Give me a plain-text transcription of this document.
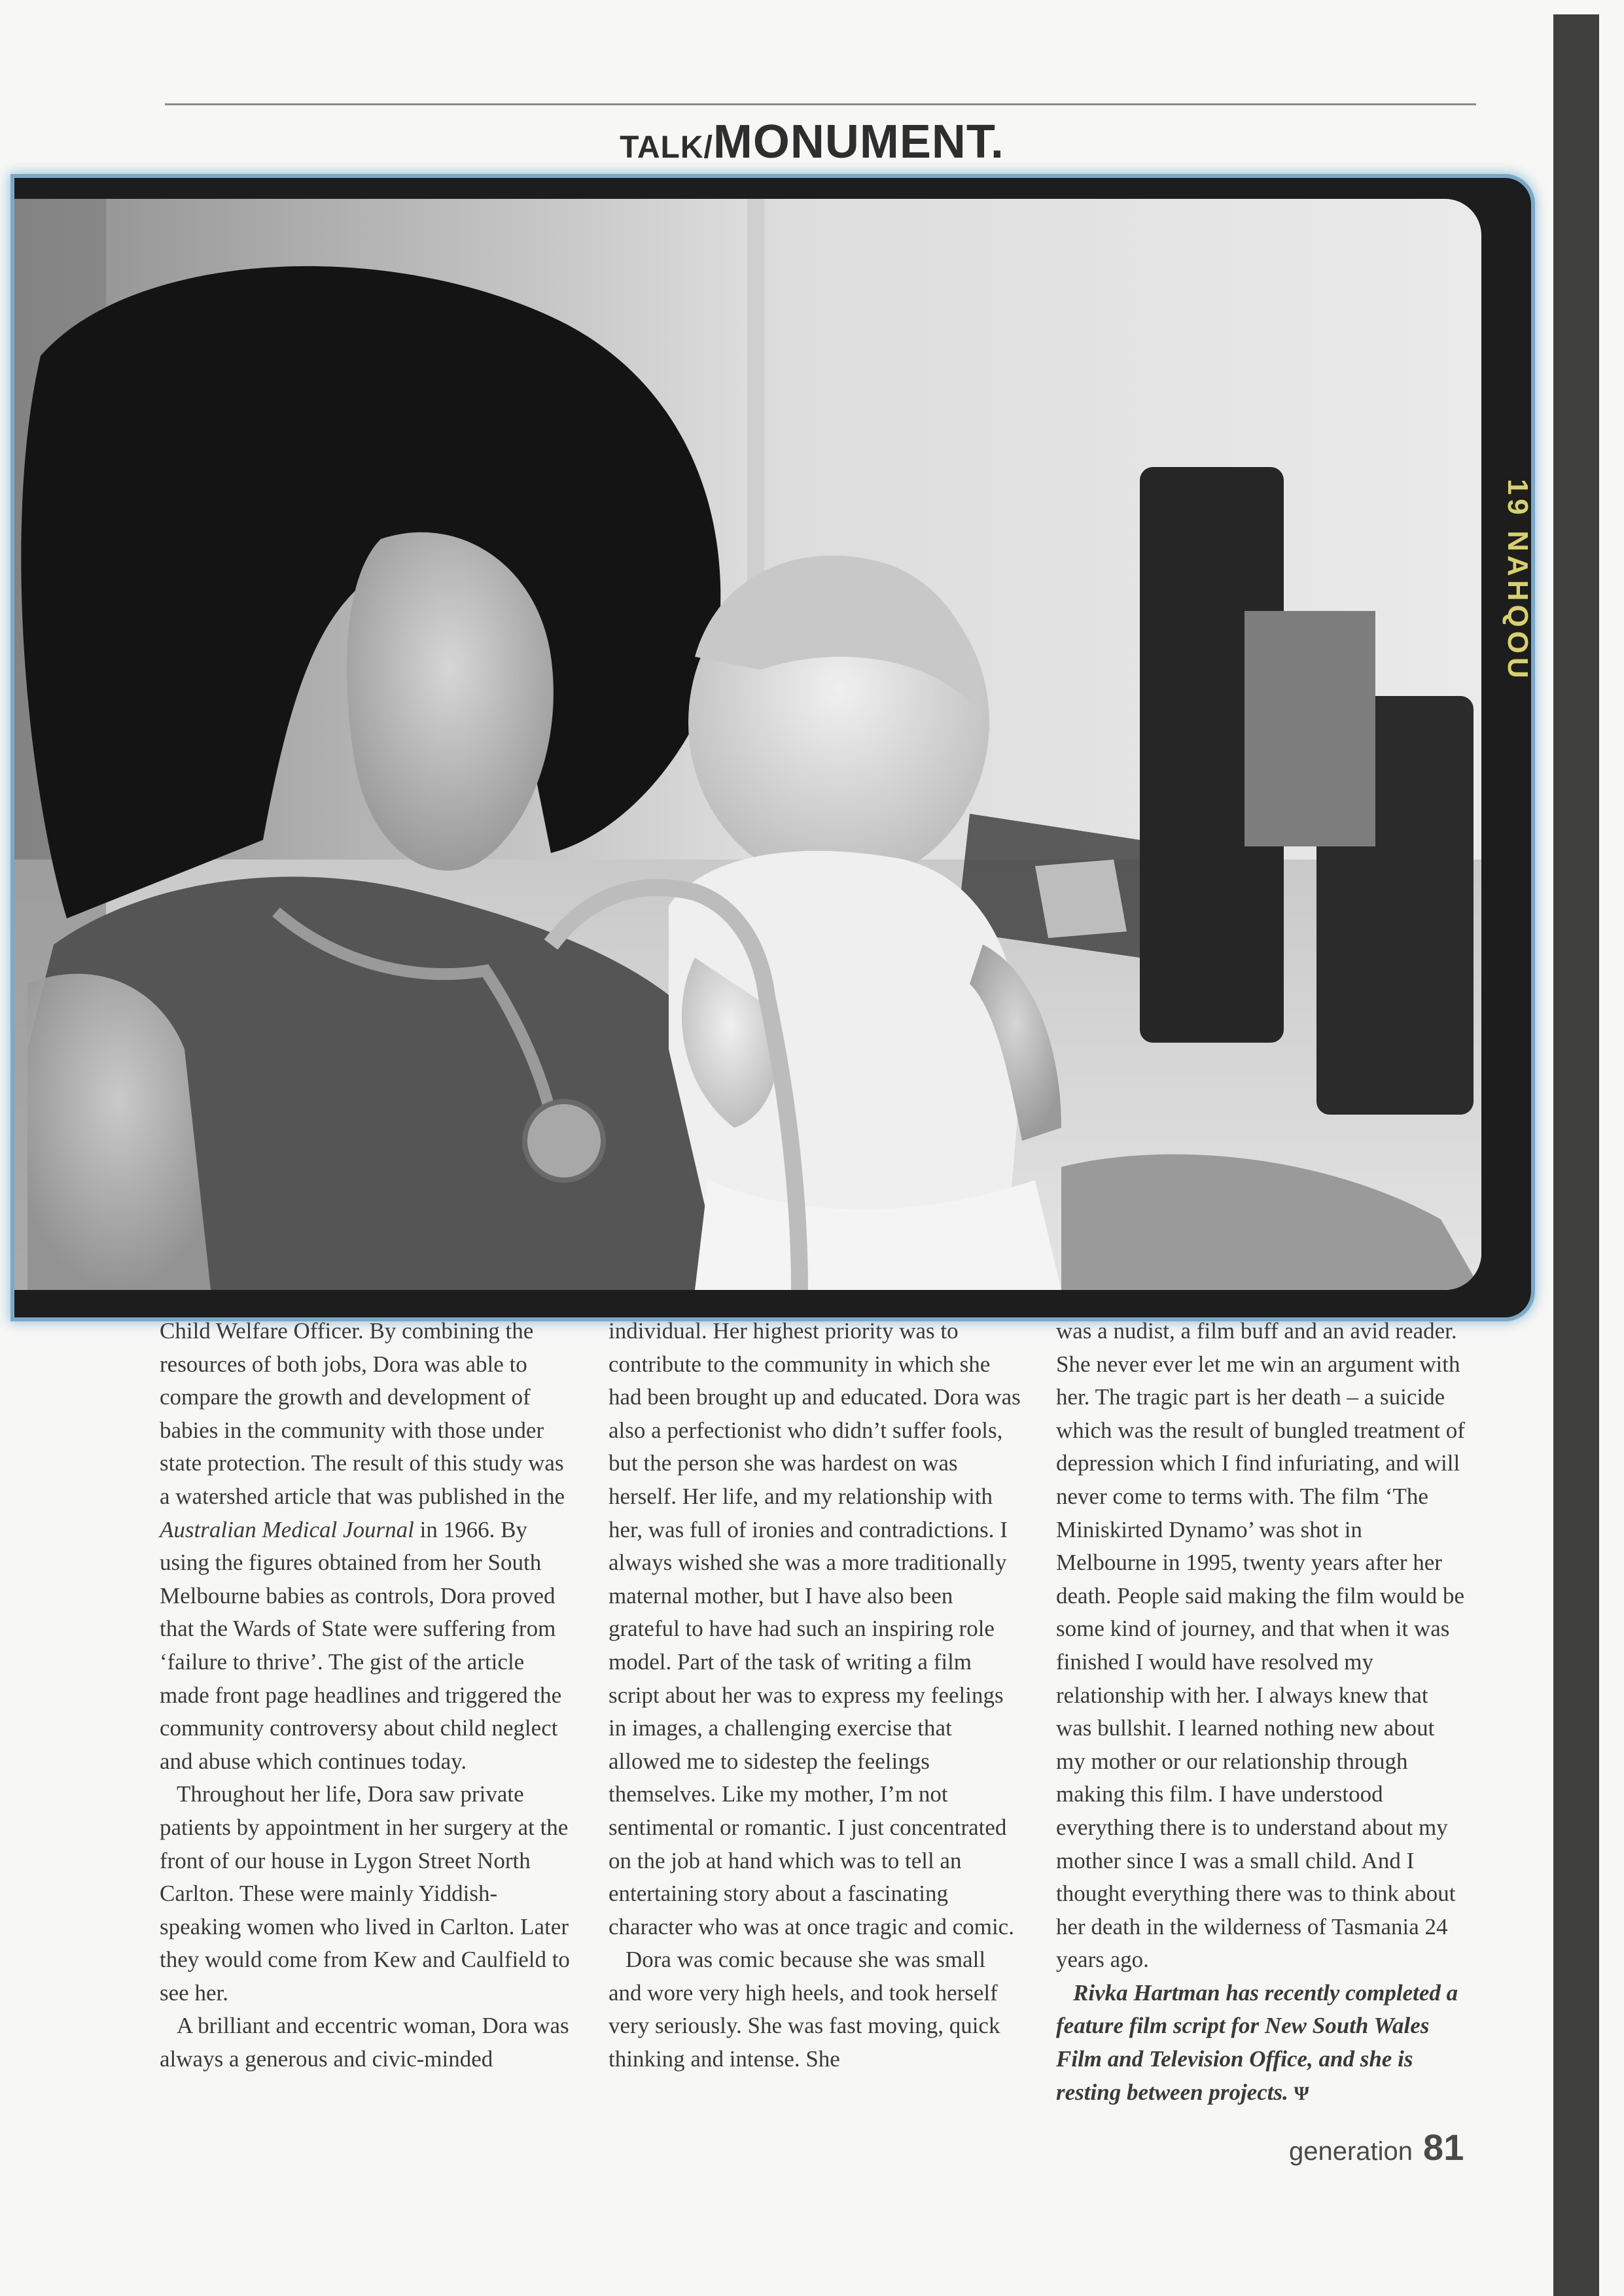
TALK/MONUMENT.
19 NAHQOU

Child Welfare Officer. By combining the resources of both jobs, Dora was able to compare the growth and development of babies in the community with those under state protection. The result of this study was a watershed article that was published in the Australian Medical Journal in 1966. By using the figures obtained from her South Melbourne babies as controls, Dora proved that the Wards of State were suffering from ‘failure to thrive’. The gist of the article made front page headlines and triggered the community controversy about child neglect and abuse which continues today.

Throughout her life, Dora saw private patients by appointment in her surgery at the front of our house in Lygon Street North Carlton. These were mainly Yiddish-speaking women who lived in Carlton. Later they would come from Kew and Caulfield to see her.

A brilliant and eccentric woman, Dora was always a generous and civic-minded

individual. Her highest priority was to contribute to the community in which she had been brought up and educated. Dora was also a perfectionist who didn’t suffer fools, but the person she was hardest on was herself. Her life, and my relationship with her, was full of ironies and contradictions. I always wished she was a more traditionally maternal mother, but I have also been grateful to have had such an inspiring role model. Part of the task of writing a film script about her was to express my feelings in images, a challenging exercise that allowed me to sidestep the feelings themselves. Like my mother, I’m not sentimental or romantic. I just concentrated on the job at hand which was to tell an entertaining story about a fascinating character who was at once tragic and comic.

Dora was comic because she was small and wore very high heels, and took herself very seriously. She was fast moving, quick thinking and intense. She

was a nudist, a film buff and an avid reader. She never ever let me win an argument with her. The tragic part is her death – a suicide which was the result of bungled treatment of depression which I find infuriating, and will never come to terms with. The film ‘The Miniskirted Dynamo’ was shot in Melbourne in 1995, twenty years after her death. People said making the film would be some kind of journey, and that when it was finished I would have resolved my relationship with her. I always knew that was bullshit. I learned nothing new about my mother or our relationship through making this film. I have understood everything there is to understand about my mother since I was a small child. And I thought everything there was to think about her death in the wilderness of Tasmania 24 years ago.

Rivka Hartman has recently completed a feature film script for New South Wales Film and Television Office, and she is resting between projects. Ψ

generation 81
